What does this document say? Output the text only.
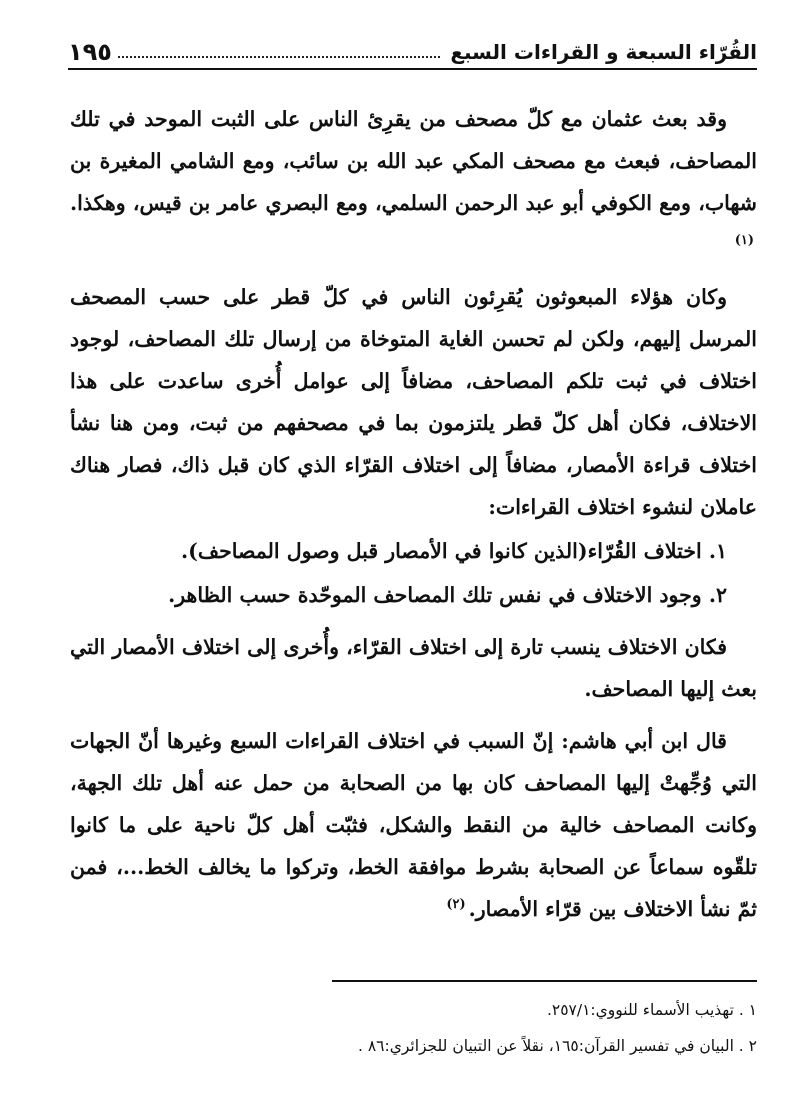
القُرّاء السبعة و القراءات السبع
١٩٥

وقد بعث عثمان مع كلّ مصحف من يقرِئ الناس على الثبت الموحد في تلك المصاحف، فبعث مع مصحف المكي عبد الله بن سائب، ومع الشامي المغيرة بن شهاب، ومع الكوفي أبو عبد الرحمن السلمي، ومع البصري عامر بن قيس، وهكذا.$^{(١)}$

وكان هؤلاء المبعوثون يُقرِئون الناس في كلّ قطر على حسب المصحف المرسل إليهم، ولكن لم تحسن الغاية المتوخاة من إرسال تلك المصاحف، لوجود اختلاف في ثبت تلكم المصاحف، مضافاً إلى عوامل أُخرى ساعدت على هذا الاختلاف، فكان أهل كلّ قطر يلتزمون بما في مصحفهم من ثبت، ومن هنا نشأ اختلاف قراءة الأمصار، مضافاً إلى اختلاف القرّاء الذي كان قبل ذاك، فصار هناك عاملان لنشوء اختلاف القراءات:

١. اختلاف القُرّاء(الذين كانوا في الأمصار قبل وصول المصاحف).

٢. وجود الاختلاف في نفس تلك المصاحف الموحّدة حسب الظاهر.

فكان الاختلاف ينسب تارة إلى اختلاف القرّاء، وأُخرى إلى اختلاف الأمصار التي بعث إليها المصاحف.

قال ابن أبي هاشم: إنّ السبب في اختلاف القراءات السبع وغيرها أنّ الجهات التي وُجِّهتْ إليها المصاحف كان بها من الصحابة من حمل عنه أهل تلك الجهة، وكانت المصاحف خالية من النقط والشكل، فثبّت أهل كلّ ناحية على ما كانوا تلقّوه سماعاً عن الصحابة بشرط موافقة الخط، وتركوا ما يخالف الخط...، فمن ثمّ نشأ الاختلاف بين قرّاء الأمصار.$^{(٢)}$

١ . تهذيب الأسماء للنووي:٢٥٧/١.
٢ . البيان في تفسير القرآن:١٦٥، نقلاً عن التبيان للجزائري:٨٦ .
